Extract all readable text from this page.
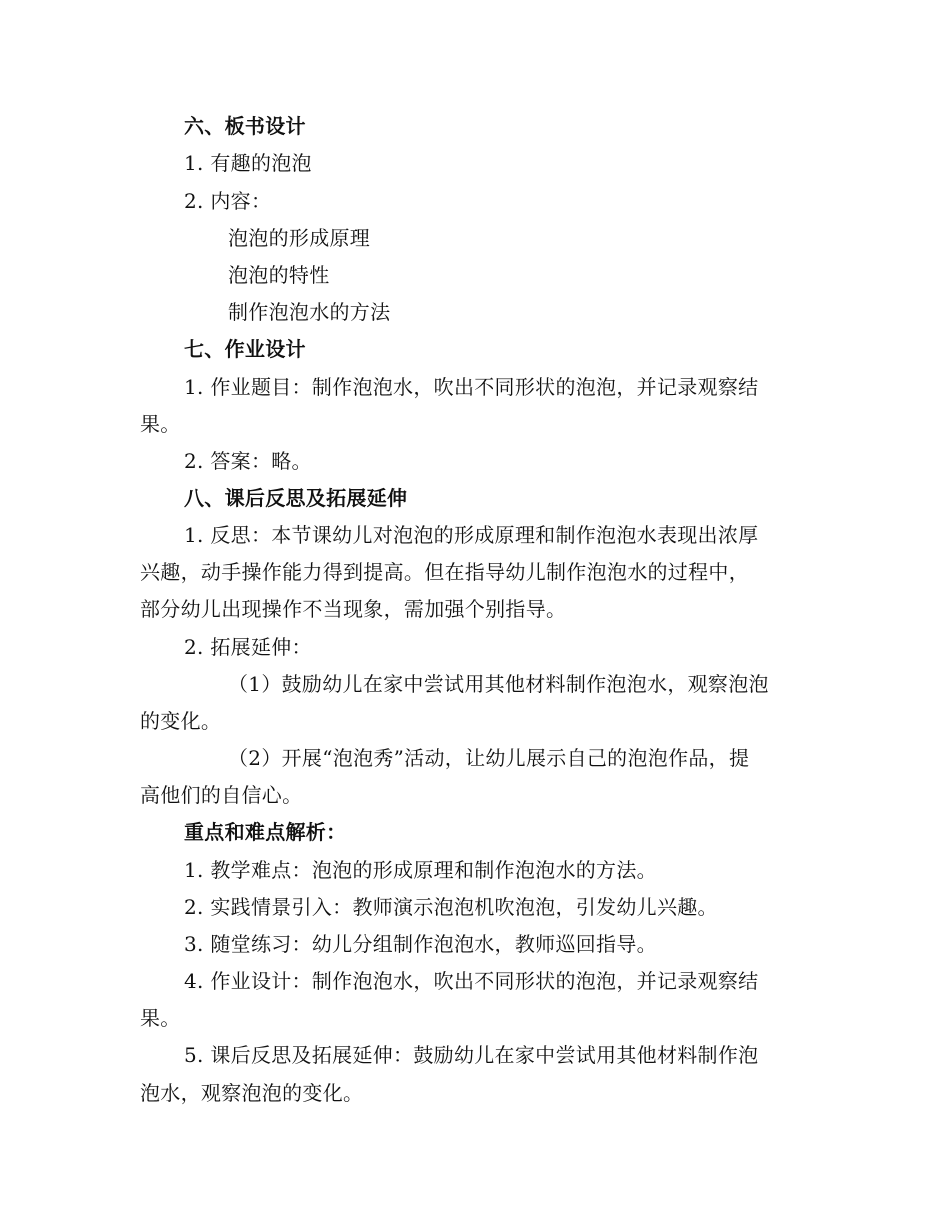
六、板书设计
1. 有趣的泡泡
2. 内容：
泡泡的形成原理
泡泡的特性
制作泡泡水的方法
七、作业设计
1. 作业题目：制作泡泡水，吹出不同形状的泡泡，并记录观察结
果。
2. 答案：略。
八、课后反思及拓展延伸
1. 反思：本节课幼儿对泡泡的形成原理和制作泡泡水表现出浓厚
兴趣，动手操作能力得到提高。但在指导幼儿制作泡泡水的过程中，
部分幼儿出现操作不当现象，需加强个别指导。
2. 拓展延伸：
（1）鼓励幼儿在家中尝试用其他材料制作泡泡水，观察泡泡
的变化。
（2）开展“泡泡秀”活动，让幼儿展示自己的泡泡作品，提
高他们的自信心。
重点和难点解析：
1. 教学难点：泡泡的形成原理和制作泡泡水的方法。
2. 实践情景引入：教师演示泡泡机吹泡泡，引发幼儿兴趣。
3. 随堂练习：幼儿分组制作泡泡水，教师巡回指导。
4. 作业设计：制作泡泡水，吹出不同形状的泡泡，并记录观察结
果。
5. 课后反思及拓展延伸：鼓励幼儿在家中尝试用其他材料制作泡
泡水，观察泡泡的变化。
